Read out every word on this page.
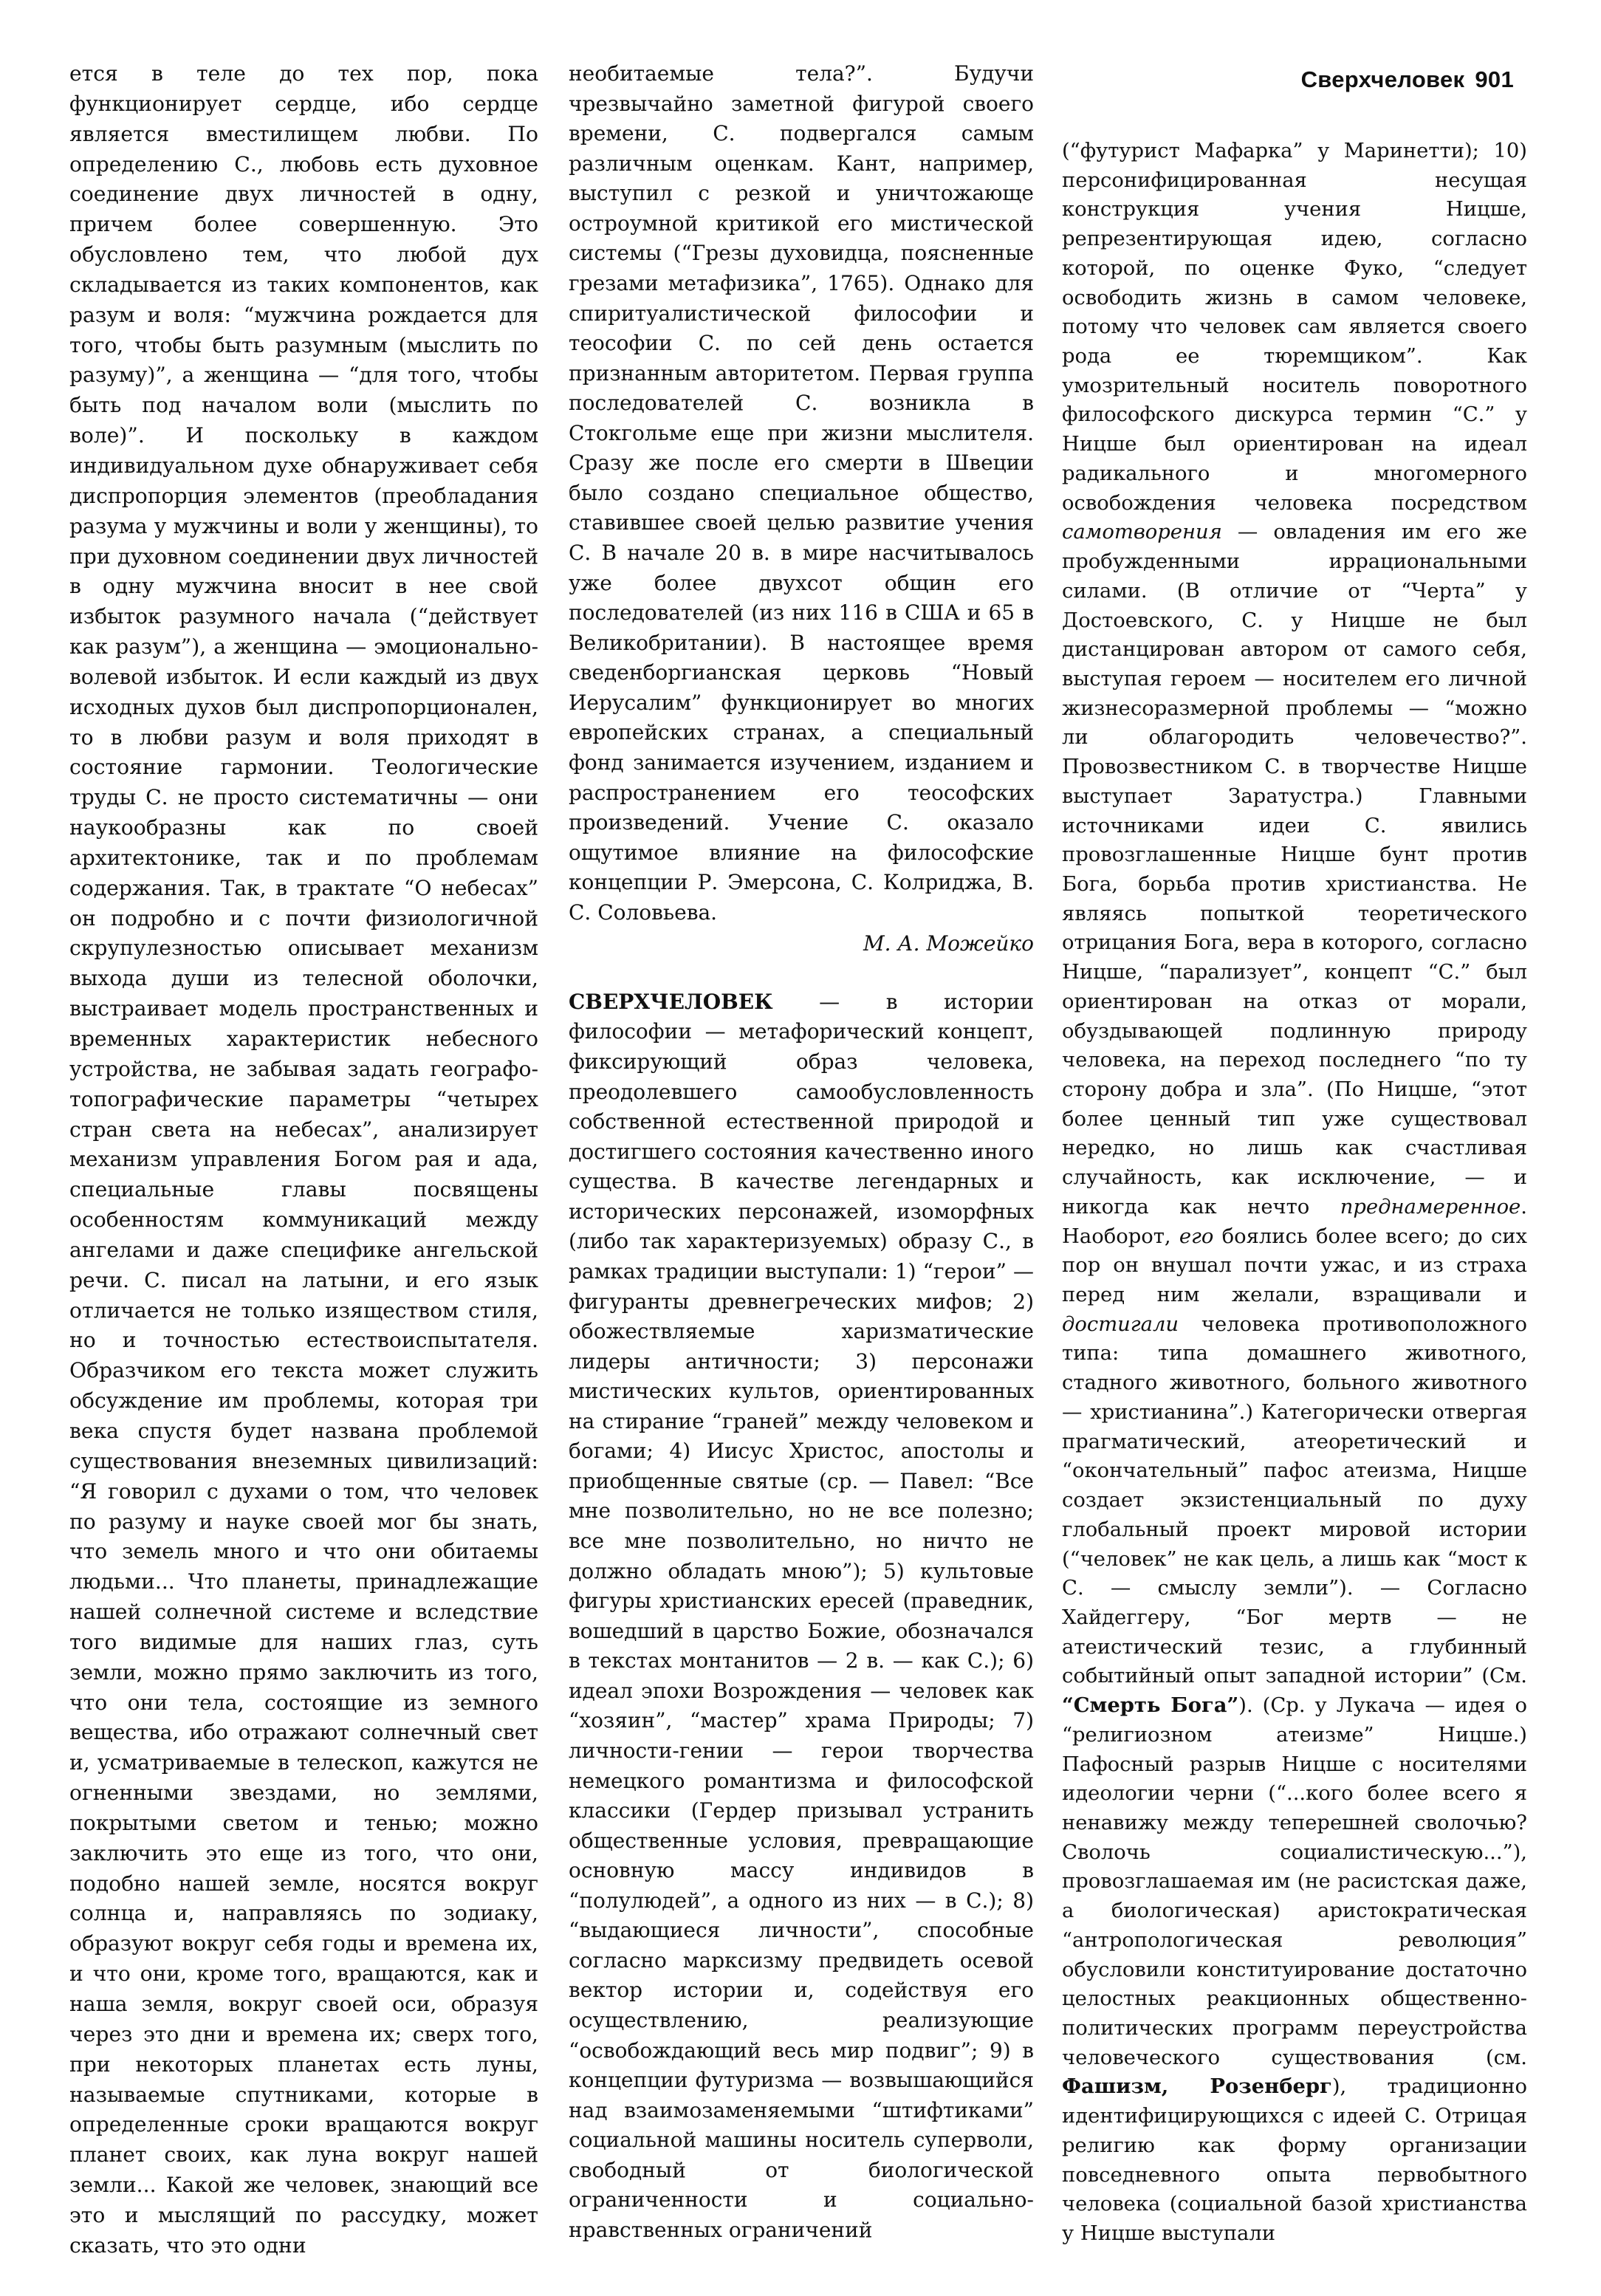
Сверхчеловек 901

ется в теле до тех пор, пока функционирует сердце, ибо сердце является вместилищем любви. По определению С., любовь есть духовное соединение двух личностей в одну, причем более совершенную. Это обусловлено тем, что любой дух складывается из таких компонентов, как разум и воля: “мужчина рождается для того, чтобы быть разумным (мыслить по разуму)”, а женщина — “для того, чтобы быть под началом воли (мыслить по воле)”. И поскольку в каждом индивидуальном духе обнаруживает себя диспропорция элементов (преобладания разума у мужчины и воли у женщины), то при духовном соединении двух личностей в одну мужчина вносит в нее свой избыток разумного начала (“действует как разум”), а женщина — эмоционально-волевой избыток. И если каждый из двух исходных духов был диспропорционален, то в любви разум и воля приходят в состояние гармонии. Теологические труды С. не просто систематичны — они наукообразны как по своей архитектонике, так и по проблемам содержания. Так, в трактате “О небесах” он подробно и с почти физиологичной скрупулезностью описывает механизм выхода души из телесной оболочки, выстраивает модель пространственных и временных характеристик небесного устройства, не забывая задать географо-топографические параметры “четырех стран света на небесах”, анализирует механизм управления Богом рая и ада, специальные главы посвящены особенностям коммуникаций между ангелами и даже специфике ангельской речи. С. писал на латыни, и его язык отличается не только изяществом стиля, но и точностью естествоиспытателя. Образчиком его текста может служить обсуждение им проблемы, которая три века спустя будет названа проблемой существования внеземных цивилизаций: “Я говорил с духами о том, что человек по разуму и науке своей мог бы знать, что земель много и что они обитаемы людьми... Что планеты, принадлежащие нашей солнечной системе и вследствие того видимые для наших глаз, суть земли, можно прямо заключить из того, что они тела, состоящие из земного вещества, ибо отражают солнечный свет и, усматриваемые в телескоп, кажутся не огненными звездами, но землями, покрытыми светом и тенью; можно заключить это еще из того, что они, подобно нашей земле, носятся вокруг солнца и, направляясь по зодиаку, образуют вокруг себя годы и времена их, и что они, кроме того, вращаются, как и наша земля, вокруг своей оси, образуя через это дни и времена их; сверх того, при некоторых планетах есть луны, называемые спутниками, которые в определенные сроки вращаются вокруг планет своих, как луна вокруг нашей земли... Какой же человек, знающий все это и мыслящий по рассудку, может сказать, что это одни

необитаемые тела?”. Будучи чрезвычайно заметной фигурой своего времени, С. подвергался самым различным оценкам. Кант, например, выступил с резкой и уничтожающе остроумной критикой его мистической системы (“Грезы духовидца, поясненные грезами метафизика”, 1765). Однако для спиритуалистической философии и теософии С. по сей день остается признанным авторитетом. Первая группа последователей С. возникла в Стокгольме еще при жизни мыслителя. Сразу же после его смерти в Швеции было создано специальное общество, ставившее своей целью развитие учения С. В начале 20 в. в мире насчитывалось уже более двухсот общин его последователей (из них 116 в США и 65 в Великобритании). В настоящее время сведенборгианская церковь “Новый Иерусалим” функционирует во многих европейских странах, а специальный фонд занимается изучением, изданием и распространением его теософских произведений. Учение С. оказало ощутимое влияние на философские концепции Р. Эмерсона, С. Колриджа, В. С. Соловьева.

М. А. Можейко

СВЕРХЧЕЛОВЕК — в истории философии — метафорический концепт, фиксирующий образ человека, преодолевшего самообусловленность собственной естественной природой и достигшего состояния качественно иного существа. В качестве легендарных и исторических персонажей, изоморфных (либо так характеризуемых) образу С., в рамках традиции выступали: 1) “герои” — фигуранты древнегреческих мифов; 2) обожествляемые харизматические лидеры античности; 3) персонажи мистических культов, ориентированных на стирание “граней” между человеком и богами; 4) Иисус Христос, апостолы и приобщенные святые (ср. — Павел: “Все мне позволительно, но не все полезно; все мне позволительно, но ничто не должно обладать мною”); 5) культовые фигуры христианских ересей (праведник, вошедший в царство Божие, обозначался в текстах монтанитов — 2 в. — как С.); 6) идеал эпохи Возрождения — человек как “хозяин”, “мастер” храма Природы; 7) личности-гении — герои творчества немецкого романтизма и философской классики (Гердер призывал устранить общественные условия, превращающие основную массу индивидов в “полулюдей”, а одного из них — в С.); 8) “выдающиеся личности”, способные согласно марксизму предвидеть осевой вектор истории и, содействуя его осуществлению, реализующие “освобождающий весь мир подвиг”; 9) в концепции футуризма — возвышающийся над взаимозаменяемыми “штифтиками” социальной машины носитель суперволи, свободный от биологической ограниченности и социально-нравственных ограничений

(“футурист Мафарка” у Маринетти); 10) персонифицированная несущая конструкция учения Ницше, репрезентирующая идею, согласно которой, по оценке Фуко, “следует освободить жизнь в самом человеке, потому что человек сам является своего рода ее тюремщиком”. Как умозрительный носитель поворотного философского дискурса термин “С.” у Ницше был ориентирован на идеал радикального и многомерного освобождения человека посредством самотворения — овладения им его же пробужденными иррациональными силами. (В отличие от “Черта” у Достоевского, С. у Ницше не был дистанцирован автором от самого себя, выступая героем — носителем его личной жизнесоразмерной проблемы — “можно ли облагородить человечество?”. Провозвестником С. в творчестве Ницше выступает Заратустра.) Главными источниками идеи С. явились провозглашенные Ницше бунт против Бога, борьба против христианства. Не являясь попыткой теоретического отрицания Бога, вера в которого, согласно Ницше, “парализует”, концепт “С.” был ориентирован на отказ от морали, обуздывающей подлинную природу человека, на переход последнего “по ту сторону добра и зла”. (По Ницше, “этот более ценный тип уже существовал нередко, но лишь как счастливая случайность, как исключение, — и никогда как нечто преднамеренное. Наоборот, его боялись более всего; до сих пор он внушал почти ужас, и из страха перед ним желали, взращивали и достигали человека противоположного типа: типа домашнего животного, стадного животного, больного животного — христианина”.) Категорически отвергая прагматический, атеоретический и “окончательный” пафос атеизма, Ницше создает экзистенциальный по духу глобальный проект мировой истории (“человек” не как цель, а лишь как “мост к С. — смыслу земли”). — Согласно Хайдеггеру, “Бог мертв — не атеистический тезис, а глубинный событийный опыт западной истории” (См. “Смерть Бога”). (Ср. у Лукача — идея о “религиозном атеизме” Ницше.) Пафосный разрыв Ницше с носителями идеологии черни (“...кого более всего я ненавижу между теперешней сволочью? Сволочь социалистическую...”), провозглашаемая им (не расистская даже, а биологическая) аристократическая “антропологическая революция” обусловили конституирование достаточно целостных реакционных общественно-политических программ переустройства человеческого существования (см. Фашизм, Розенберг), традиционно идентифицирующихся с идеей С. Отрицая религию как форму организации повседневного опыта первобытного человека (социальной базой христианства у Ницше выступали
